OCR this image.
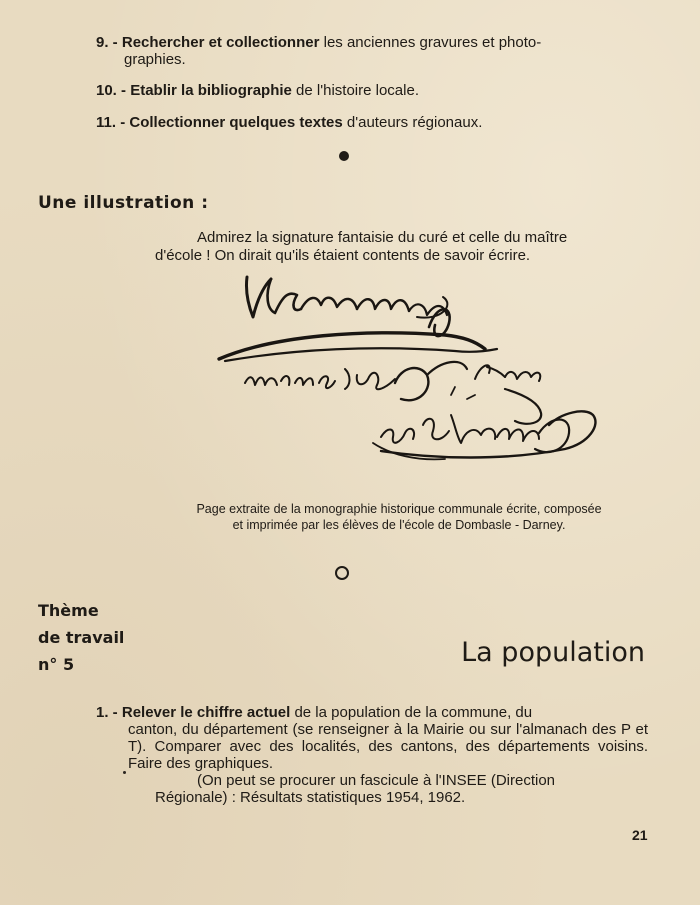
9. - Rechercher et collectionner les anciennes gravures et photo-
graphies.
10. - Etablir la bibliographie de l'histoire locale.
11. - Collectionner quelques textes d'auteurs régionaux.
Une illustration :
Admirez la signature fantaisie du curé et celle du maître
d'école ! On dirait qu'ils étaient contents de savoir écrire.
Page extraite de la monographie historique communale écrite, composée
et imprimée par les élèves de l'école de Dombasle - Darney.
Thème
de travail
n° 5	La population
1. - Relever le chiffre actuel de la population de la commune, du
canton, du département (se renseigner à la Mairie ou sur l'almanach des P et T). Comparer avec des localités, des cantons, des départements voisins. Faire des graphiques.
(On peut se procurer un fascicule à l'INSEE (Direction
Régionale) : Résultats statistiques 1954, 1962.
21
